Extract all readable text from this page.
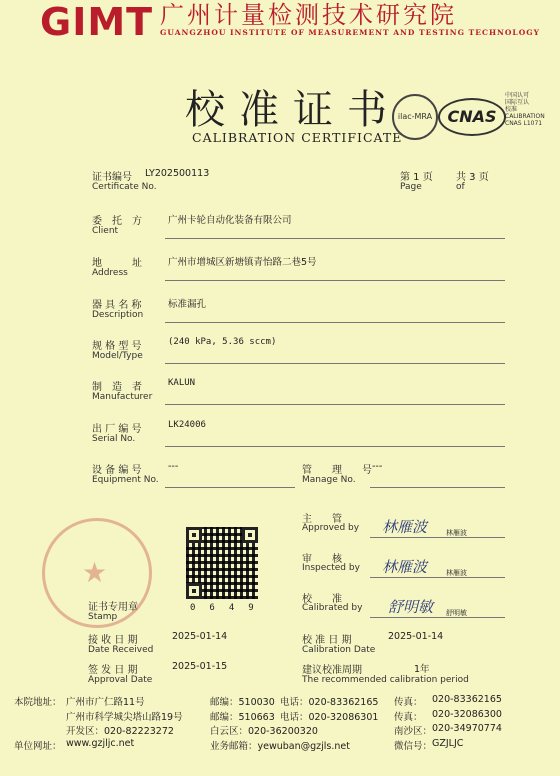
GIMT 广州计量检测技术研究院
GUANGZHOU INSTITUTE OF MEASUREMENT AND TESTING TECHNOLOGY
校准证书
CALIBRATION CERTIFICATE
ilac-MRA CNAS
中国认可
国际互认
校准
CALIBRATION
CNAS L1071
证书编号 LY202500113
Certificate No.
第 1 页 共 3 页
Page	of
委　托　方
Client
广州卡轮自动化装备有限公司
地　　　址
Address
广州市增城区新塘镇青怡路二巷5号
器 具 名 称
Description
标准漏孔
规 格 型 号
Model/Type
(240 kPa, 5.36 sccm)
制　造　者
Manufacturer
KALUN
出 厂 编 号
Serial No.
LK24006
设 备 编 号
Equipment No.
---	管　　理　　号
Manage No.
---
★
证书专用章
Stamp
0649
主　　管
Approved by 林雁波	林雁波
审　　核
Inspected by 林雁波	林雁波
校　　准
Calibrated by 舒明敏 舒明敏
接 收 日 期
Date Received
2025-01-14	校 准 日 期
Calibration Date
2025-01-14
签 发 日 期
Approval Date
2025-01-15	建议校准周期
The recommended calibration period
1年
本院地址： 广州市广仁路11号
广州市科学城尖塔山路19号
开发区：020-82223272
邮编：510030 电话：020-83362165 传真： 020-83362165
邮编：510663 电话：020-32086301 传真： 020-32086300
白云区：020-36200320	南沙区： 020-34970774
单位网址： www.gzjljc.net	业务邮箱：yewuban@gzjls.net	微信号： GZJLJC
